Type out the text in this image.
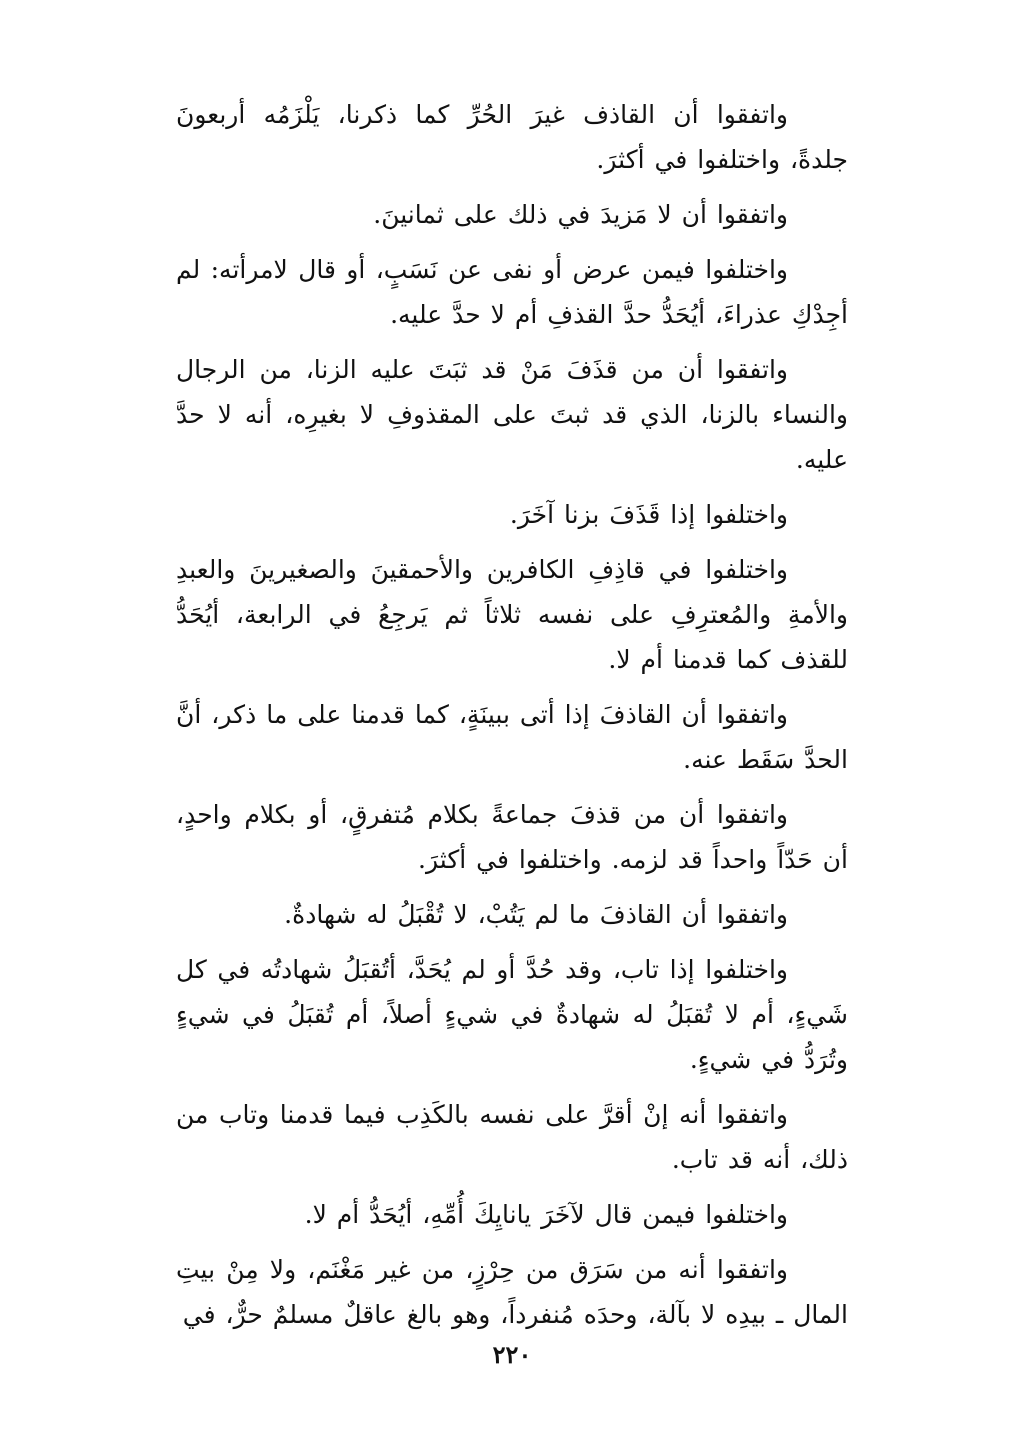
واتفقوا أن القاذف غيرَ الحُرِّ كما ذكرنا، يَلْزَمُه أربعونَ جلدةً، واختلفوا في أكثرَ.

واتفقوا أن لا مَزيدَ في ذلك على ثمانينَ.

واختلفوا فيمن عرض أو نفى عن نَسَبٍ، أو قال لامرأته: لم أجِدْكِ عذراءَ، أيُحَدُّ حدَّ القذفِ أم لا حدَّ عليه.

واتفقوا أن من قذَفَ مَنْ قد ثبَتَ عليه الزنا، من الرجال والنساء بالزنا، الذي قد ثبتَ على المقذوفِ لا بغيرِه، أنه لا حدَّ عليه.

واختلفوا إذا قَذَفَ بزنا آخَرَ.

واختلفوا في قاذِفِ الكافرين والأحمقينَ والصغيرينَ والعبدِ والأمةِ والمُعترِفِ على نفسه ثلاثاً ثم يَرجِعُ في الرابعة، أيُحَدُّ للقذف كما قدمنا أم لا.

واتفقوا أن القاذفَ إذا أتى ببينَةٍ، كما قدمنا على ما ذكر، أنَّ الحدَّ سَقَط عنه.

واتفقوا أن من قذفَ جماعةً بكلام مُتفرقٍ، أو بكلام واحدٍ، أن حَدّاً واحداً قد لزمه. واختلفوا في أكثرَ.

واتفقوا أن القاذفَ ما لم يَتُبْ، لا تُقْبَلُ له شهادةٌ.

واختلفوا إذا تاب، وقد حُدَّ أو لم يُحَدَّ، أتُقبَلُ شهادتُه في كل شَيءٍ، أم لا تُقبَلُ له شهادةٌ في شيءٍ أصلاً، أم تُقبَلُ في شيءٍ وتُرَدُّ في شيءٍ.

واتفقوا أنه إنْ أقرَّ على نفسه بالكَذِب فيما قدمنا وتاب من ذلك، أنه قد تاب.

واختلفوا فيمن قال لآخَرَ يانايِكَ أُمِّهِ، أيُحَدُّ أم لا.

واتفقوا أنه من سَرَق من حِرْزٍ، من غير مَغْنَم، ولا مِنْ بيتِ المال ـ بيدِه لا بآلة، وحدَه مُنفرداً، وهو بالغ عاقلٌ مسلمٌ حرٌّ، في

٢٢٠
